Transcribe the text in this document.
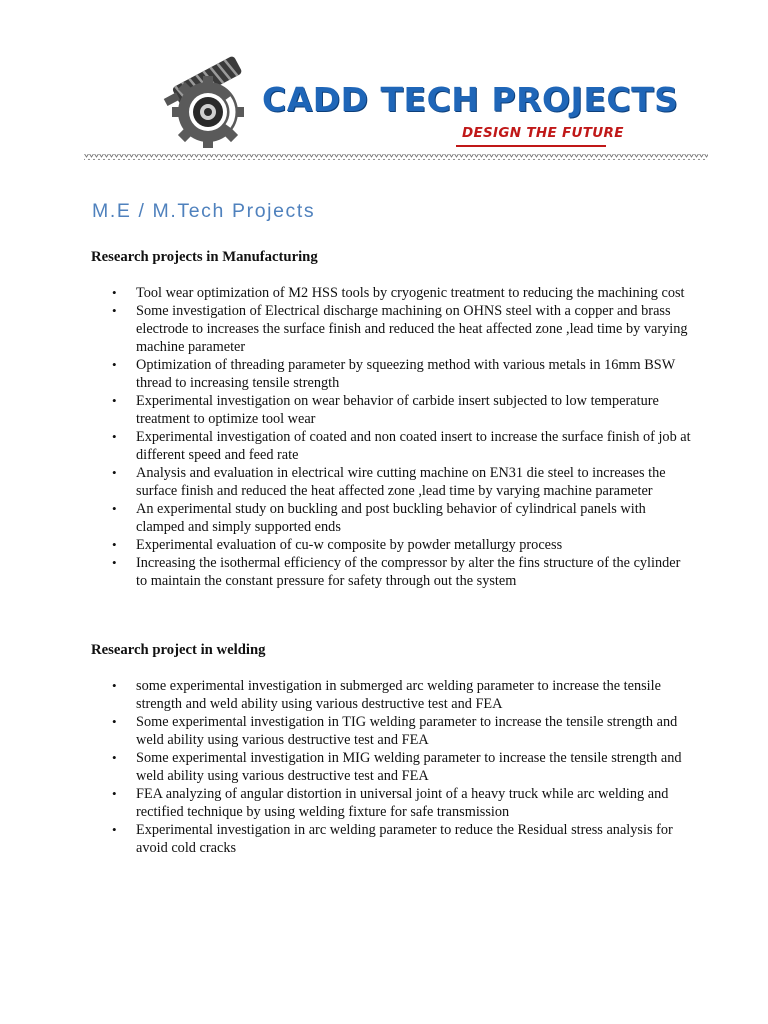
CADD TECH PROJECTS
DESIGN THE FUTURE
M.E / M.Tech Projects
Research projects in Manufacturing
• Tool wear optimization of M2 HSS tools by cryogenic treatment to reducing the machining cost
• Some investigation of Electrical discharge machining on OHNS steel with a copper and brass electrode to increases the surface finish and reduced the heat affected zone ,lead time by varying machine parameter
• Optimization of threading parameter by squeezing method with various metals in 16mm BSW thread to increasing tensile strength
• Experimental investigation on wear behavior of carbide insert subjected to low temperature treatment to optimize tool wear
• Experimental investigation of coated and non coated insert to increase the surface finish of job at different speed and feed rate
• Analysis and evaluation in electrical wire cutting machine on EN31 die steel to increases the surface finish and reduced the heat affected zone ,lead time by varying machine parameter
• An experimental study on buckling and post buckling behavior of cylindrical panels with clamped and simply supported ends
• Experimental evaluation of cu-w composite by powder metallurgy process
• Increasing the isothermal efficiency of the compressor by alter the fins structure of the cylinder to maintain the constant pressure for safety through out the system
Research project in welding
• some experimental investigation in submerged arc welding parameter to increase the tensile strength and weld ability using various destructive test and FEA
• Some experimental investigation in TIG welding parameter to increase the tensile strength and weld ability using various destructive test and FEA
• Some experimental investigation in MIG welding parameter to increase the tensile strength and weld ability using various destructive test and FEA
• FEA analyzing of angular distortion in universal joint of a heavy truck while arc welding and rectified technique by using welding fixture for safe transmission
• Experimental investigation in arc welding parameter to reduce the Residual stress analysis for avoid cold cracks
